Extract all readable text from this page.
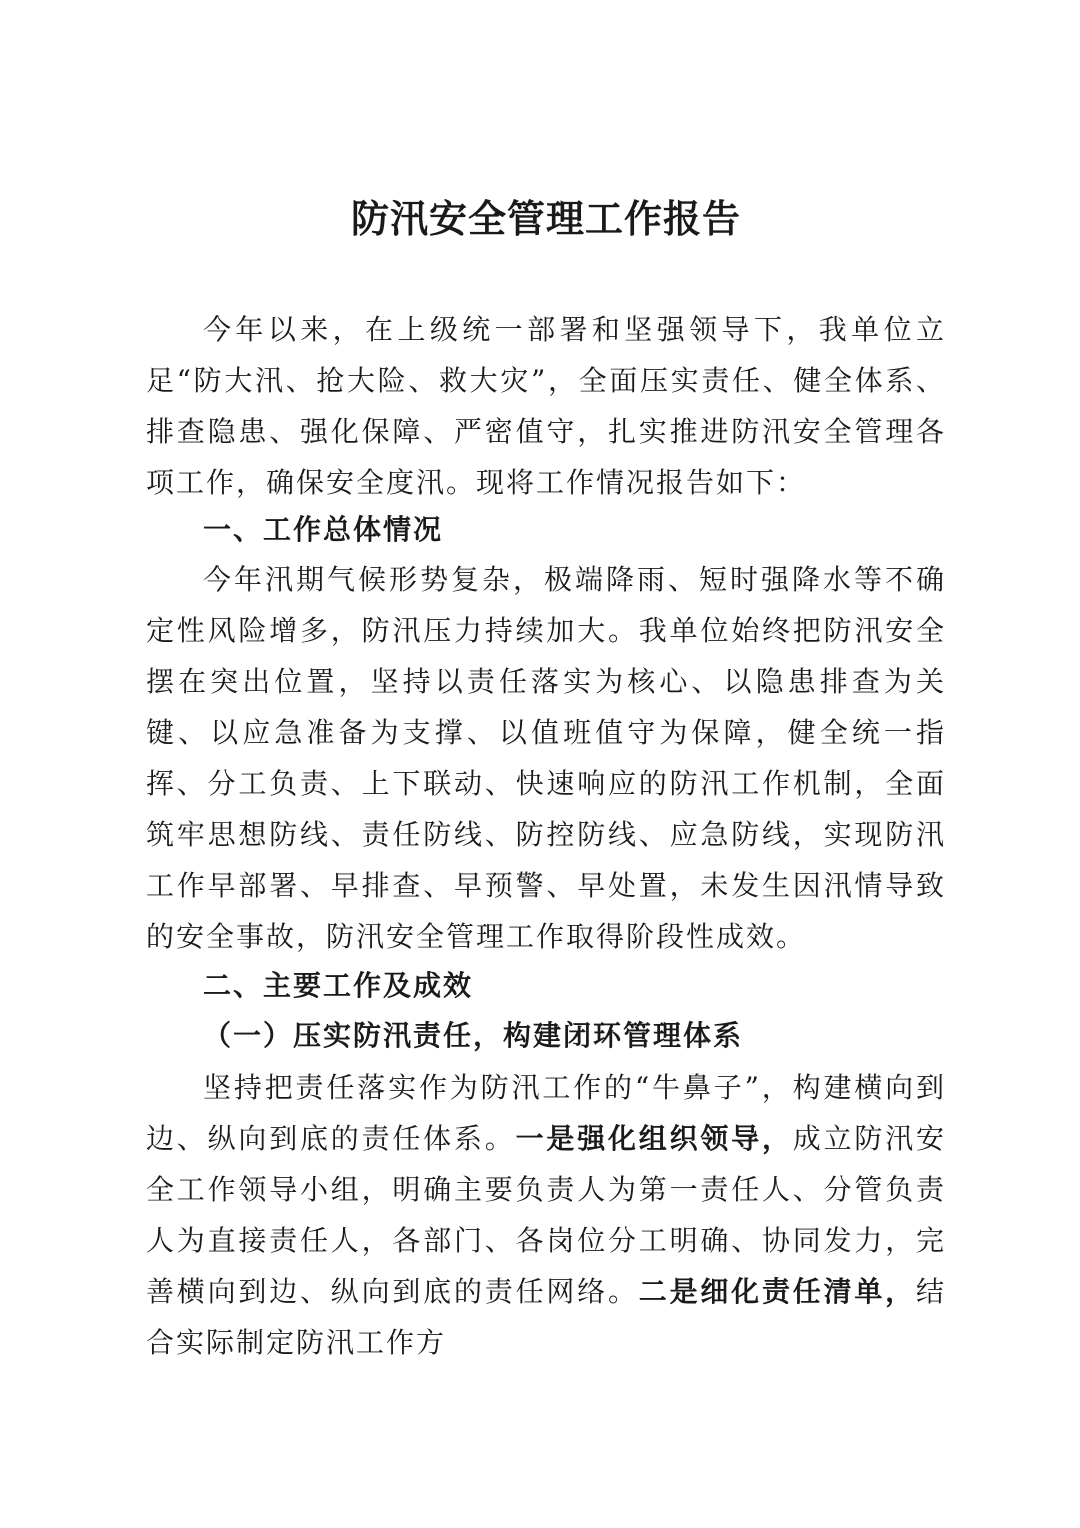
防汛安全管理工作报告

今年以来，在上级统一部署和坚强领导下，我单位立足“防大汛、抢大险、救大灾”，全面压实责任、健全体系、排查隐患、强化保障、严密值守，扎实推进防汛安全管理各项工作，确保安全度汛。现将工作情况报告如下：

一、工作总体情况

今年汛期气候形势复杂，极端降雨、短时强降水等不确定性风险增多，防汛压力持续加大。我单位始终把防汛安全摆在突出位置，坚持以责任落实为核心、以隐患排查为关键、以应急准备为支撑、以值班值守为保障，健全统一指挥、分工负责、上下联动、快速响应的防汛工作机制，全面筑牢思想防线、责任防线、防控防线、应急防线，实现防汛工作早部署、早排查、早预警、早处置，未发生因汛情导致的安全事故，防汛安全管理工作取得阶段性成效。

二、主要工作及成效
（一）压实防汛责任，构建闭环管理体系

坚持把责任落实作为防汛工作的“牛鼻子”，构建横向到边、纵向到底的责任体系。一是强化组织领导，成立防汛安全工作领导小组，明确主要负责人为第一责任人、分管负责人为直接责任人，各部门、各岗位分工明确、协同发力，完善横向到边、纵向到底的责任网络。二是细化责任清单，结合实际制定防汛工作方
